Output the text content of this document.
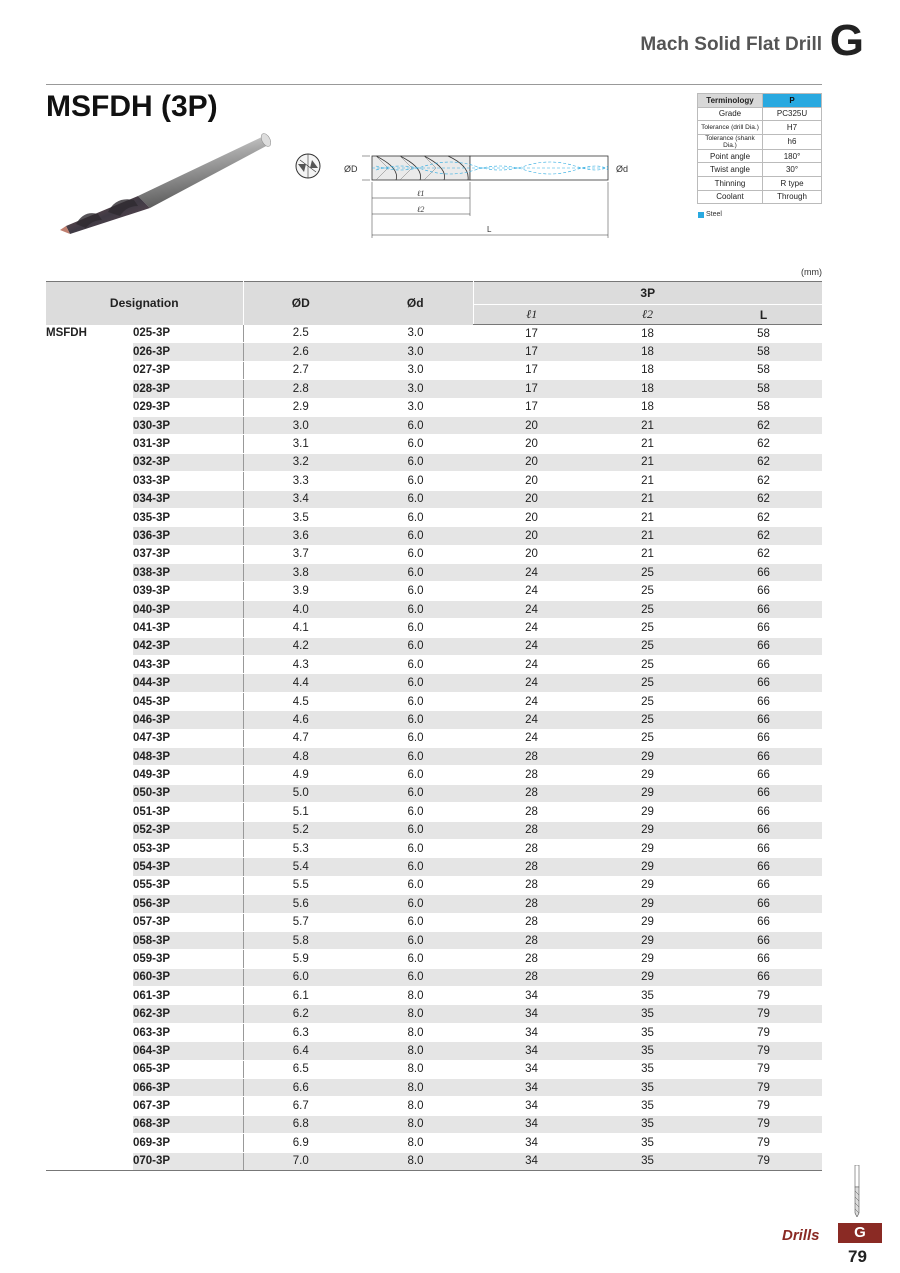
Mach Solid Flat Drill G
MSFDH (3P)
ØD	Ød
ℓ1
ℓ2
L
Terminology	P
Grade	PC325U
Tolerance (drill Dia.)	H7
Tolerance (shank Dia.)	h6
Point angle	180°
Twist angle	30°
Thinning	R type
Coolant	Through
Steel
(mm)
Designation		ØD	Ød	3P		
				ℓ1	ℓ2	L
MSFDH	025-3P	2.5	3.0	17	18	58
	026-3P	2.6	3.0	17	18	58
	027-3P	2.7	3.0	17	18	58
	028-3P	2.8	3.0	17	18	58
	029-3P	2.9	3.0	17	18	58
	030-3P	3.0	6.0	20	21	62
	031-3P	3.1	6.0	20	21	62
	032-3P	3.2	6.0	20	21	62
	033-3P	3.3	6.0	20	21	62
	034-3P	3.4	6.0	20	21	62
	035-3P	3.5	6.0	20	21	62
	036-3P	3.6	6.0	20	21	62
	037-3P	3.7	6.0	20	21	62
	038-3P	3.8	6.0	24	25	66
	039-3P	3.9	6.0	24	25	66
	040-3P	4.0	6.0	24	25	66
	041-3P	4.1	6.0	24	25	66
	042-3P	4.2	6.0	24	25	66
	043-3P	4.3	6.0	24	25	66
	044-3P	4.4	6.0	24	25	66
	045-3P	4.5	6.0	24	25	66
	046-3P	4.6	6.0	24	25	66
	047-3P	4.7	6.0	24	25	66
	048-3P	4.8	6.0	28	29	66
	049-3P	4.9	6.0	28	29	66
	050-3P	5.0	6.0	28	29	66
	051-3P	5.1	6.0	28	29	66
	052-3P	5.2	6.0	28	29	66
	053-3P	5.3	6.0	28	29	66
	054-3P	5.4	6.0	28	29	66
	055-3P	5.5	6.0	28	29	66
	056-3P	5.6	6.0	28	29	66
	057-3P	5.7	6.0	28	29	66
	058-3P	5.8	6.0	28	29	66
	059-3P	5.9	6.0	28	29	66
	060-3P	6.0	6.0	28	29	66
	061-3P	6.1	8.0	34	35	79
	062-3P	6.2	8.0	34	35	79
	063-3P	6.3	8.0	34	35	79
	064-3P	6.4	8.0	34	35	79
	065-3P	6.5	8.0	34	35	79
	066-3P	6.6	8.0	34	35	79
	067-3P	6.7	8.0	34	35	79
	068-3P	6.8	8.0	34	35	79
	069-3P	6.9	8.0	34	35	79
	070-3P	7.0	8.0	34	35	79
Drills	G
79
